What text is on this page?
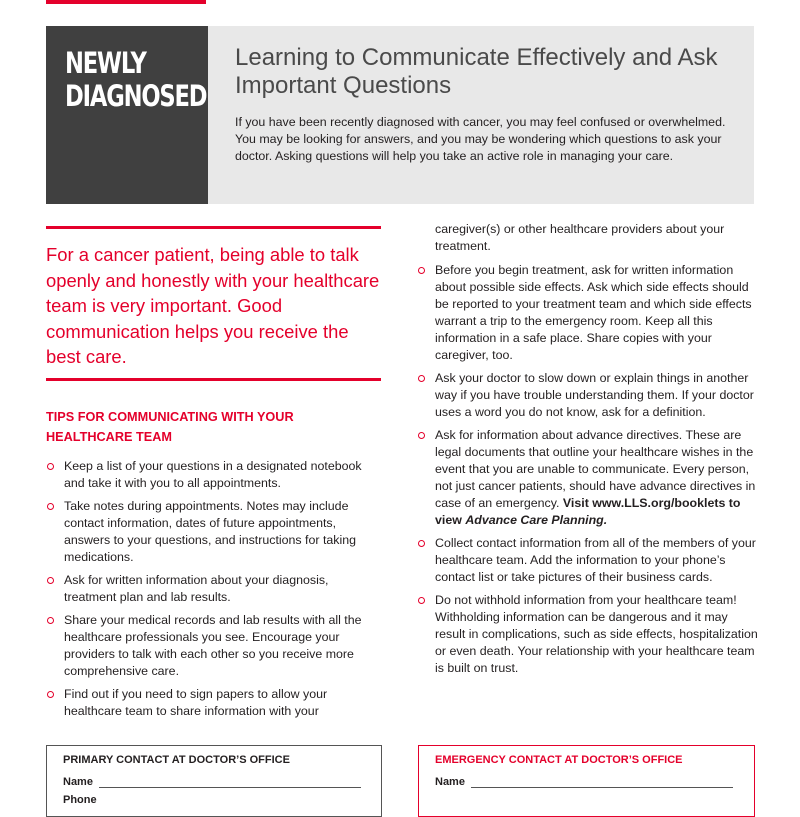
NEWLY
DIAGNOSED
Learning to Communicate Effectively and Ask Important Questions
If you have been recently diagnosed with cancer, you may feel confused or overwhelmed. You may be looking for answers, and you may be wondering which questions to ask your doctor. Asking questions will help you take an active role in managing your care.
For a cancer patient, being able to talk openly and honestly with your healthcare team is very important. Good communication helps you receive the best care.
TIPS FOR COMMUNICATING WITH YOUR HEALTHCARE TEAM
Keep a list of your questions in a designated notebook and take it with you to all appointments.
Take notes during appointments. Notes may include contact information, dates of future appointments, answers to your questions, and instructions for taking medications.
Ask for written information about your diagnosis, treatment plan and lab results.
Share your medical records and lab results with all the healthcare professionals you see. Encourage your providers to talk with each other so you receive more comprehensive care.
Find out if you need to sign papers to allow your healthcare team to share information with your
caregiver(s) or other healthcare providers about your treatment.
Before you begin treatment, ask for written information about possible side effects. Ask which side effects should be reported to your treatment team and which side effects warrant a trip to the emergency room. Keep all this information in a safe place. Share copies with your caregiver, too.
Ask your doctor to slow down or explain things in another way if you have trouble understanding them. If your doctor uses a word you do not know, ask for a definition.
Ask for information about advance directives. These are legal documents that outline your healthcare wishes in the event that you are unable to communicate. Every person, not just cancer patients, should have advance directives in case of an emergency. Visit www.LLS.org/booklets to view Advance Care Planning.
Collect contact information from all of the members of your healthcare team. Add the information to your phone’s contact list or take pictures of their business cards.
Do not withhold information from your healthcare team! Withholding information can be dangerous and it may result in complications, such as side effects, hospitalization or even death. Your relationship with your healthcare team is built on trust.
PRIMARY CONTACT AT DOCTOR’S OFFICE
Name
Phone
EMERGENCY CONTACT AT DOCTOR’S OFFICE
Name
